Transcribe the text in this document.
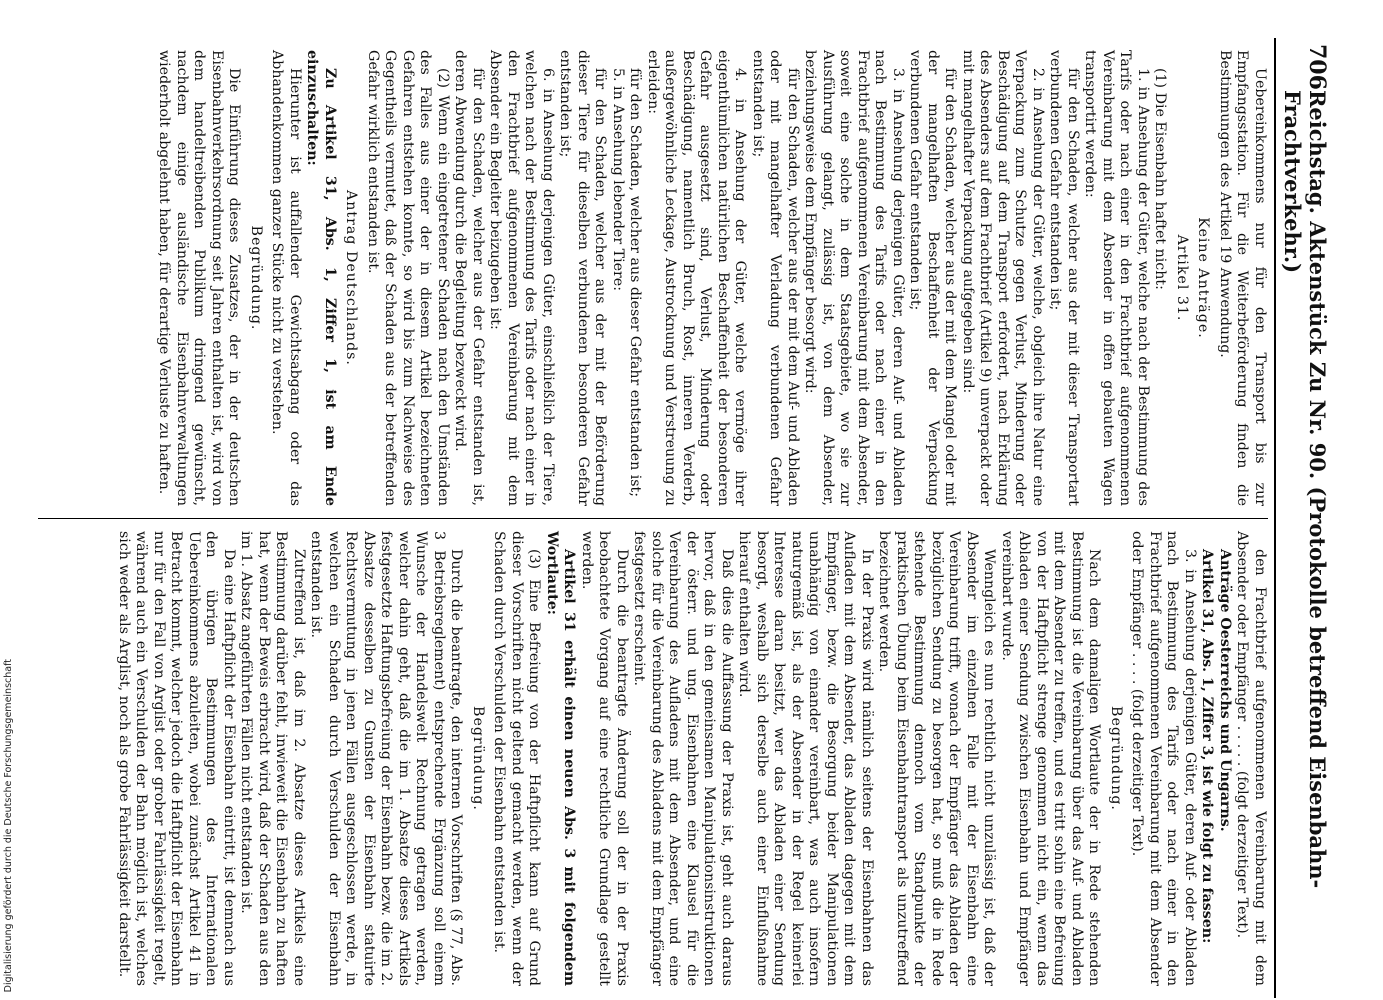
706
Reichstag. Aktenstück Zu Nr. 90. (Protokolle betreffend Eisenbahn-Frachtverkehr.)

Uebereinkommens nur für den Transport bis zur Empfangsstation. Für die Weiterbeförderung finden die Bestimmungen des Artikel 19 Anwendung.

Keine Anträge.

Artikel 31.

(1) Die Eisenbahn haftet nicht:

1. in Ansehung der Güter, welche nach der Bestimmung des Tarifs oder nach einer in den Frachtbrief aufgenommenen Vereinbarung mit dem Absender in offen gebauten Wagen transportirt werden:

für den Schaden, welcher aus der mit dieser Transportart verbundenen Gefahr entstanden ist;

2. in Ansehung der Güter, welche, obgleich ihre Natur eine Verpackung zum Schutze gegen Verlust, Minderung oder Beschädigung auf dem Transport erfordert, nach Erklärung des Absenders auf dem Frachtbrief (Artikel 9) unverpackt oder mit mangelhafter Verpackung aufgegeben sind:

für den Schaden, welcher aus der mit dem Mangel oder mit der mangelhaften Beschaffenheit der Verpackung verbundenen Gefahr entstanden ist;

3. in Ansehung derjenigen Güter, deren Auf- und Abladen nach Bestimmung des Tarifs oder nach einer in den Frachtbrief aufgenommenen Vereinbarung mit dem Absender, soweit eine solche in dem Staatsgebiete, wo sie zur Ausführung gelangt, zulässig ist, von dem Absender, beziehungsweise dem Empfänger besorgt wird:

für den Schaden, welcher aus der mit dem Auf- und Abladen oder mit mangelhafter Verladung verbundenen Gefahr entstanden ist;

4. in Ansehung der Güter, welche vermöge ihrer eigenthümlichen natürlichen Beschaffenheit der besonderen Gefahr ausgesetzt sind, Verlust, Minderung oder Beschädigung, namentlich Bruch, Rost, inneren Verderb, außergewöhnliche Leckage, Austrocknung und Verstreuung zu erleiden:

für den Schaden, welcher aus dieser Gefahr entstanden ist;

5. in Ansehung lebender Tiere:

für den Schaden, welcher aus der mit der Beförderung dieser Tiere für dieselben verbundenen besonderen Gefahr entstanden ist;

6. in Ansehung derjenigen Güter, einschließlich der Tiere, welchen nach der Bestimmung des Tarifs oder nach einer in den Frachtbrief aufgenommenen Vereinbarung mit dem Absender ein Begleiter beizugeben ist:

für den Schaden, welcher aus der Gefahr entstanden ist, deren Abwendung durch die Begleitung bezweckt wird.

(2) Wenn ein eingetretener Schaden nach den Umständen des Falles aus einer der in diesem Artikel bezeichneten Gefahren entstehen konnte, so wird bis zum Nachweise des Gegentheils vermutet, daß der Schaden aus der betreffenden Gefahr wirklich entstanden ist.

Antrag Deutschlands.

Zu Artikel 31, Abs. 1, Ziffer 1, ist am Ende einzuschalten:

Hierunter ist auffallender Gewichtsabgang oder das Abhandenkommen ganzer Stücke nicht zu verstehen.

Begründung.

Die Einführung dieses Zusatzes, der in der deutschen Eisenbahnverkehrsordnung seit Jahren enthalten ist, wird von dem handeltreibenden Publikum dringend gewünscht, nachdem einige ausländische Eisenbahnverwaltungen wiederholt abgelehnt haben, für derartige Verluste zu haften.

den Frachtbrief aufgenommenen Vereinbarung mit dem Absender oder Empfänger . . . . . (folgt derzeitiger Text).

Anträge Oesterreichs und Ungarns.

Artikel 31, Abs. 1, Ziffer 3, ist wie folgt zu fassen:

3. in Ansehung derjenigen Güter, deren Auf- oder Abladen nach Bestimmung des Tarifs oder nach einer in den Frachtbrief aufgenommenen Vereinbarung mit dem Absender oder Empfänger . . . . (folgt derzeitiger Text).

Begründung.

Nach dem damaligen Wortlaute der in Rede stehenden Bestimmung ist die Vereinbarung über das Auf- und Abladen mit dem Absender zu treffen, und es tritt sohin eine Befreiung von der Haftpflicht strenge genommen nicht ein, wenn das Abladen einer Sendung zwischen Eisenbahn und Empfänger vereinbart wurde.

Wenngleich es nun rechtlich nicht unzulässig ist, daß der Absender im einzelnen Falle mit der Eisenbahn eine Vereinbarung trifft, wonach der Empfänger das Abladen der bezüglichen Sendung zu besorgen hat, so muß die in Rede stehende Bestimmung dennoch vom Standpunkte der praktischen Übung beim Eisenbahntransport als unzutreffend bezeichnet werden.

In der Praxis wird nämlich seitens der Eisenbahnen das Aufladen mit dem Absender, das Abladen dagegen mit dem Empfänger, bezw. die Besorgung beider Manipulationen unabhängig von einander vereinbart, was auch insofern naturgemäß ist, als der Absender in der Regel keinerlei Interesse daran besitzt, wer das Abladen einer Sendung besorgt, weshalb sich derselbe auch einer Einflußnahme hierauf enthalten wird.

Daß dies die Auffassung der Praxis ist, geht auch daraus hervor, daß in den gemeinsamen Manipulationsinstruktionen der österr. und ung. Eisenbahnen eine Klausel für die Vereinbarung des Aufladens mit dem Absender, und eine solche für die Vereinbarung des Abladens mit dem Empfänger festgesetzt erscheint.

Durch die beantragte Änderung soll der in der Praxis beobachtete Vorgang auf eine rechtliche Grundlage gestellt werden.

Artikel 31 erhält einen neuen Abs. 3 mit folgendem Wortlaute:

(3) Eine Befreiung von der Haftpflicht kann auf Grund dieser Vorschriften nicht geltend gemacht werden, wenn der Schaden durch Verschulden der Eisenbahn entstanden ist.

Begründung.

Durch die beantragte, den internen Vorschriften (§ 77, Abs. 3 Betriebsreglement) entsprechende Ergänzung soll einem Wunsche der Handelswelt Rechnung getragen werden, welcher dahin geht, daß die im 1. Absatze dieses Artikels festgesetzte Haftungsbefreiung der Eisenbahn bezw. die im 2. Absatze desselben zu Gunsten der Eisenbahn statuirte Rechtsvermutung in jenen Fällen ausgeschlossen werde, in welchen ein Schaden durch Verschulden der Eisenbahn entstanden ist.

Zutreffend ist, daß im 2. Absatze dieses Artikels eine Bestimmung darüber fehlt, inwieweit die Eisenbahn zu haften hat, wenn der Beweis erbracht wird, daß der Schaden aus den im 1. Absatz angeführten Fällen nicht entstanden ist.

Da eine Haftpflicht der Eisenbahn eintritt, ist demnach aus den übrigen Bestimmungen des Internationalen Uebereinkommens abzuleiten, wobei zunächst Artikel 41 in Betracht kommt, welcher jedoch die Haftpflicht der Eisenbahn nur für den Fall von Arglist oder grober Fahrlässigkeit regelt, während auch ein Verschulden der Bahn möglich ist, welches sich weder als Arglist, noch als grobe Fahrlässigkeit darstellt.

Digitalisierung gefördert durch die Deutsche Forschungsgemeinschaft
